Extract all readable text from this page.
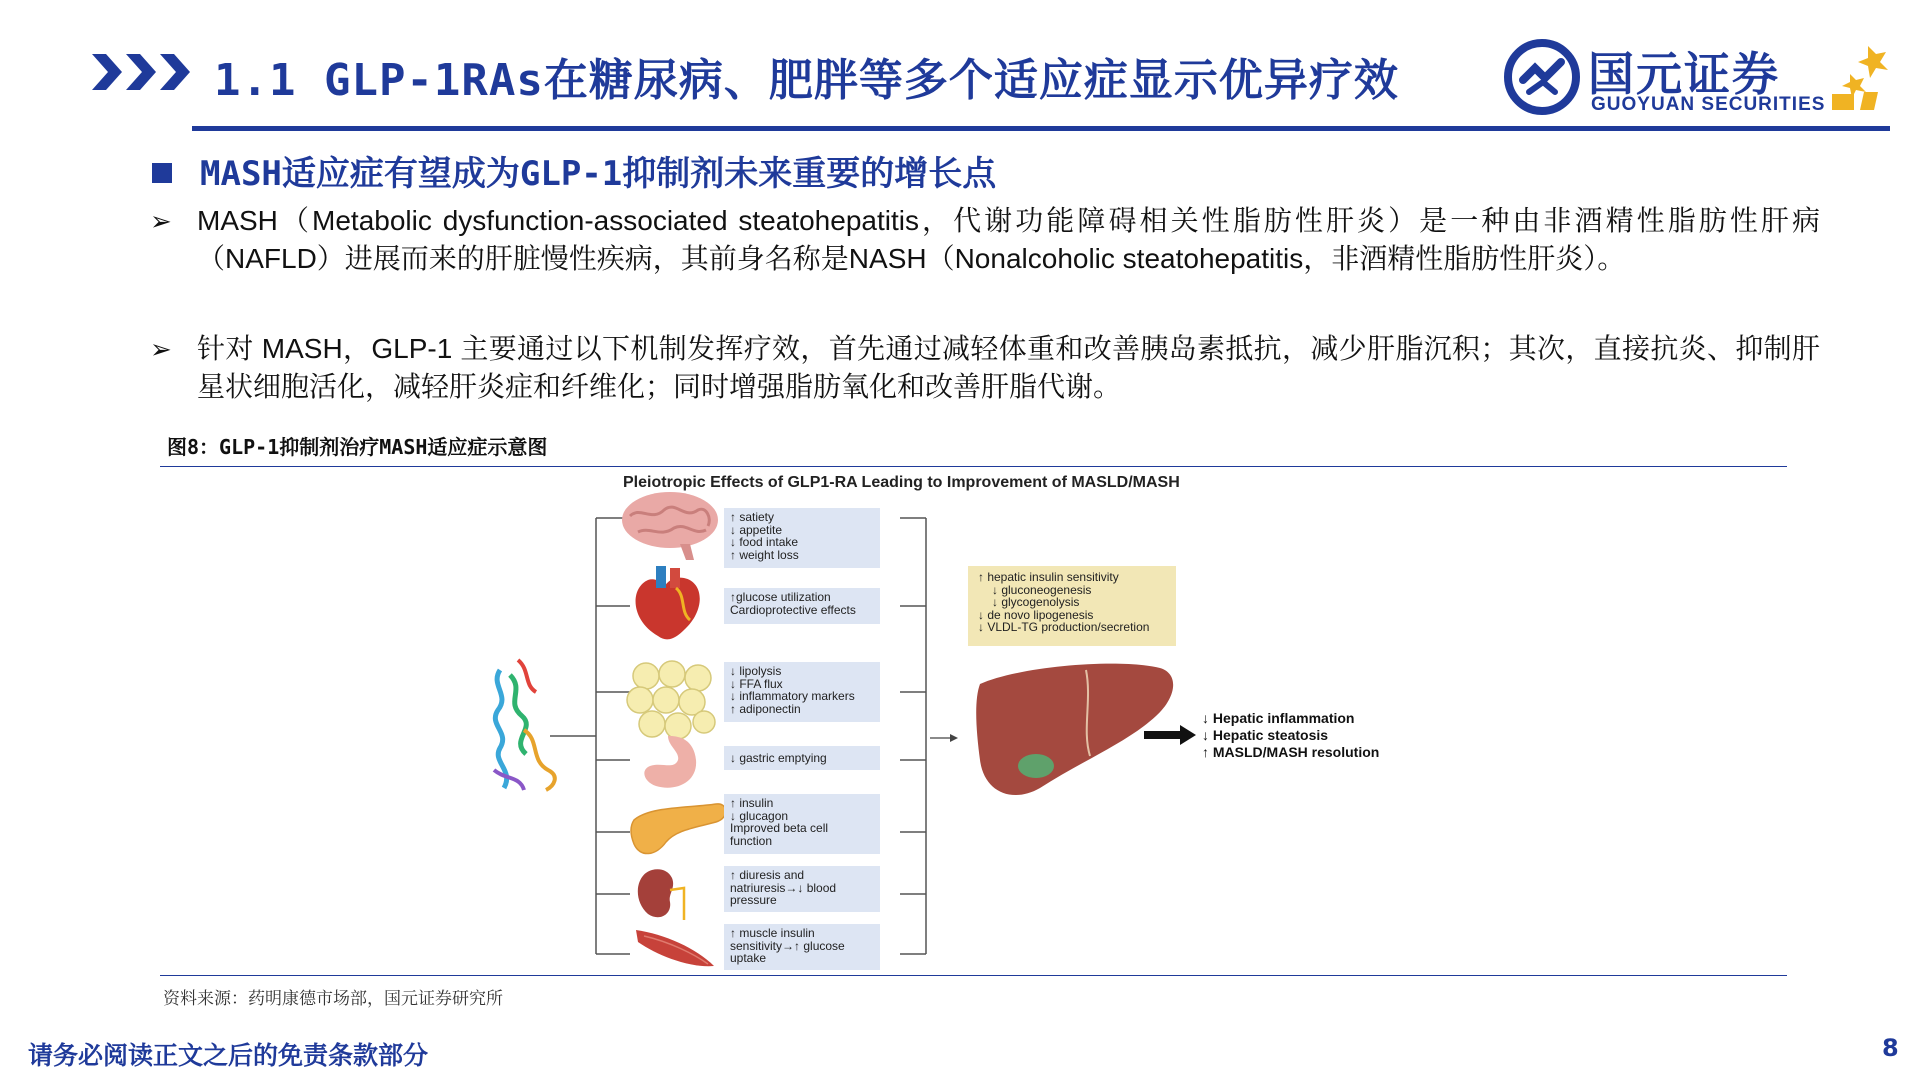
1.1 GLP-1RAs在糖尿病、肥胖等多个适应症显示优异疗效	国元证券
GUOYUAN SECURITIES
MASH适应症有望成为GLP-1抑制剂未来重要的增长点
➢ MASH（Metabolic dysfunction-associated steatohepatitis，代谢功能障碍相关性脂肪性肝炎）是一种由非酒精性脂肪性肝病（NAFLD）进展而来的肝脏慢性疾病，其前身名称是NASH（Nonalcoholic steatohepatitis，非酒精性脂肪性肝炎）。
➢ 针对 MASH，GLP-1 主要通过以下机制发挥疗效，首先通过减轻体重和改善胰岛素抵抗，减少肝脂沉积；其次，直接抗炎、抑制肝星状细胞活化，减轻肝炎症和纤维化；同时增强脂肪氧化和改善肝脂代谢。
图8：GLP-1抑制剂治疗MASH适应症示意图
Pleiotropic Effects of GLP1-RA Leading to Improvement of MASLD/MASH
↑ satiety
↓ appetite
↓ food intake
↑ weight loss
↑glucose utilization
Cardioprotective effects
↓ lipolysis
↓ FFA flux
↓ inflammatory markers
↑ adiponectin
↓ gastric emptying
↑ insulin
↓ glucagon
Improved beta cell
function
↑ diuresis and
natriuresis→↓ blood
pressure
↑ muscle insulin
sensitivity→↑ glucose
uptake
↑ hepatic insulin sensitivity
↓ gluconeogenesis
↓ glycogenolysis
↓ de novo lipogenesis
↓ VLDL-TG production/secretion
↓ Hepatic inflammation
↓ Hepatic steatosis
↑ MASLD/MASH resolution
资料来源：药明康德市场部，国元证券研究所
请务必阅读正文之后的免责条款部分	8
